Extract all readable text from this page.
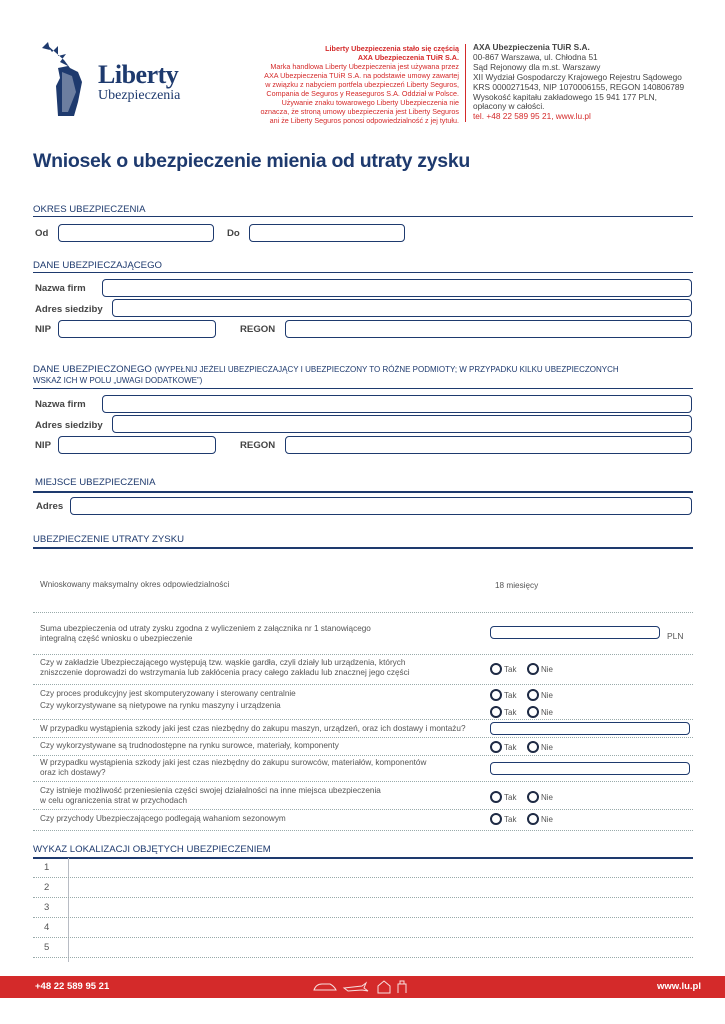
Liberty
Ubezpieczenia
Liberty Ubezpieczenia stało się częścią
AXA Ubezpieczenia TUiR S.A.
Marka handlowa Liberty Ubezpieczenia jest używana przez
AXA Ubezpieczenia TUiR S.A. na podstawie umowy zawartej
w związku z nabyciem portfela ubezpieczeń Liberty Seguros,
Compania de Seguros y Reaseguros S.A. Oddział w Polsce.
Używanie znaku towarowego Liberty Ubezpieczenia nie
oznacza, że stroną umowy ubezpieczenia jest Liberty Seguros
ani że Liberty Seguros ponosi odpowiedzialność z jej tytułu.
AXA Ubezpieczenia TUiR S.A.
00-867 Warszawa, ul. Chłodna 51
Sąd Rejonowy dla m.st. Warszawy
XII Wydział Gospodarczy Krajowego Rejestru Sądowego
KRS 0000271543, NIP 1070006155, REGON 140806789
Wysokość kapitału zakładowego 15 941 177 PLN,
opłacony w całości.
tel. +48 22 589 95 21, www.lu.pl
Wniosek o ubezpieczenie mienia od utraty zysku
OKRES UBEZPIECZENIA
Od	Do
DANE UBEZPIECZAJĄCEGO
Nazwa firm
Adres siedziby
NIP	REGON
DANE UBEZPIECZONEGO (WYPEŁNIJ JEŻELI UBEZPIECZAJĄCY I UBEZPIECZONY TO RÓŻNE PODMIOTY; W PRZYPADKU KILKU UBEZPIECZONYCH
WSKAŻ ICH W POLU „UWAGI DODATKOWE”)
Nazwa firm
Adres siedziby
NIP	REGON
MIEJSCE UBEZPIECZENIA
Adres
UBEZPIECZENIE UTRATY ZYSKU
Wnioskowany maksymalny okres odpowiedzialności	18 miesięcy
Suma ubezpieczenia od utraty zysku zgodna z wyliczeniem z załącznika nr 1 stanowiącego
integralną część wniosku o ubezpieczenie	PLN
Czy w zakładzie Ubezpieczającego występują tzw. wąskie gardła, czyli działy lub urządzenia, których
zniszczenie doprowadzi do wstrzymania lub zakłócenia pracy całego zakładu lub znacznej jego części	Tak	Nie
Czy proces produkcyjny jest skomputeryzowany i sterowany centralnie	Tak	Nie
Czy wykorzystywane są nietypowe na rynku maszyny i urządzenia
Tak	Nie
W przypadku wystąpienia szkody jaki jest czas niezbędny do zakupu maszyn, urządzeń, oraz ich dostawy i montażu?
Czy wykorzystywane są trudnodostępne na rynku surowce, materiały, komponenty	Tak	Nie
W przypadku wystąpienia szkody jaki jest czas niezbędny do zakupu surowców, materiałów, komponentów
oraz ich dostawy?
Czy istnieje możliwość przeniesienia części swojej działalności na inne miejsca ubezpieczenia
w celu ograniczenia strat w przychodach	Tak	Nie
Czy przychody Ubezpieczającego podlegają wahaniom sezonowym	Tak	Nie
WYKAZ LOKALIZACJI OBJĘTYCH UBEZPIECZENIEM
1
2
3
4
5
+48 22 589 95 21	www.lu.pl
